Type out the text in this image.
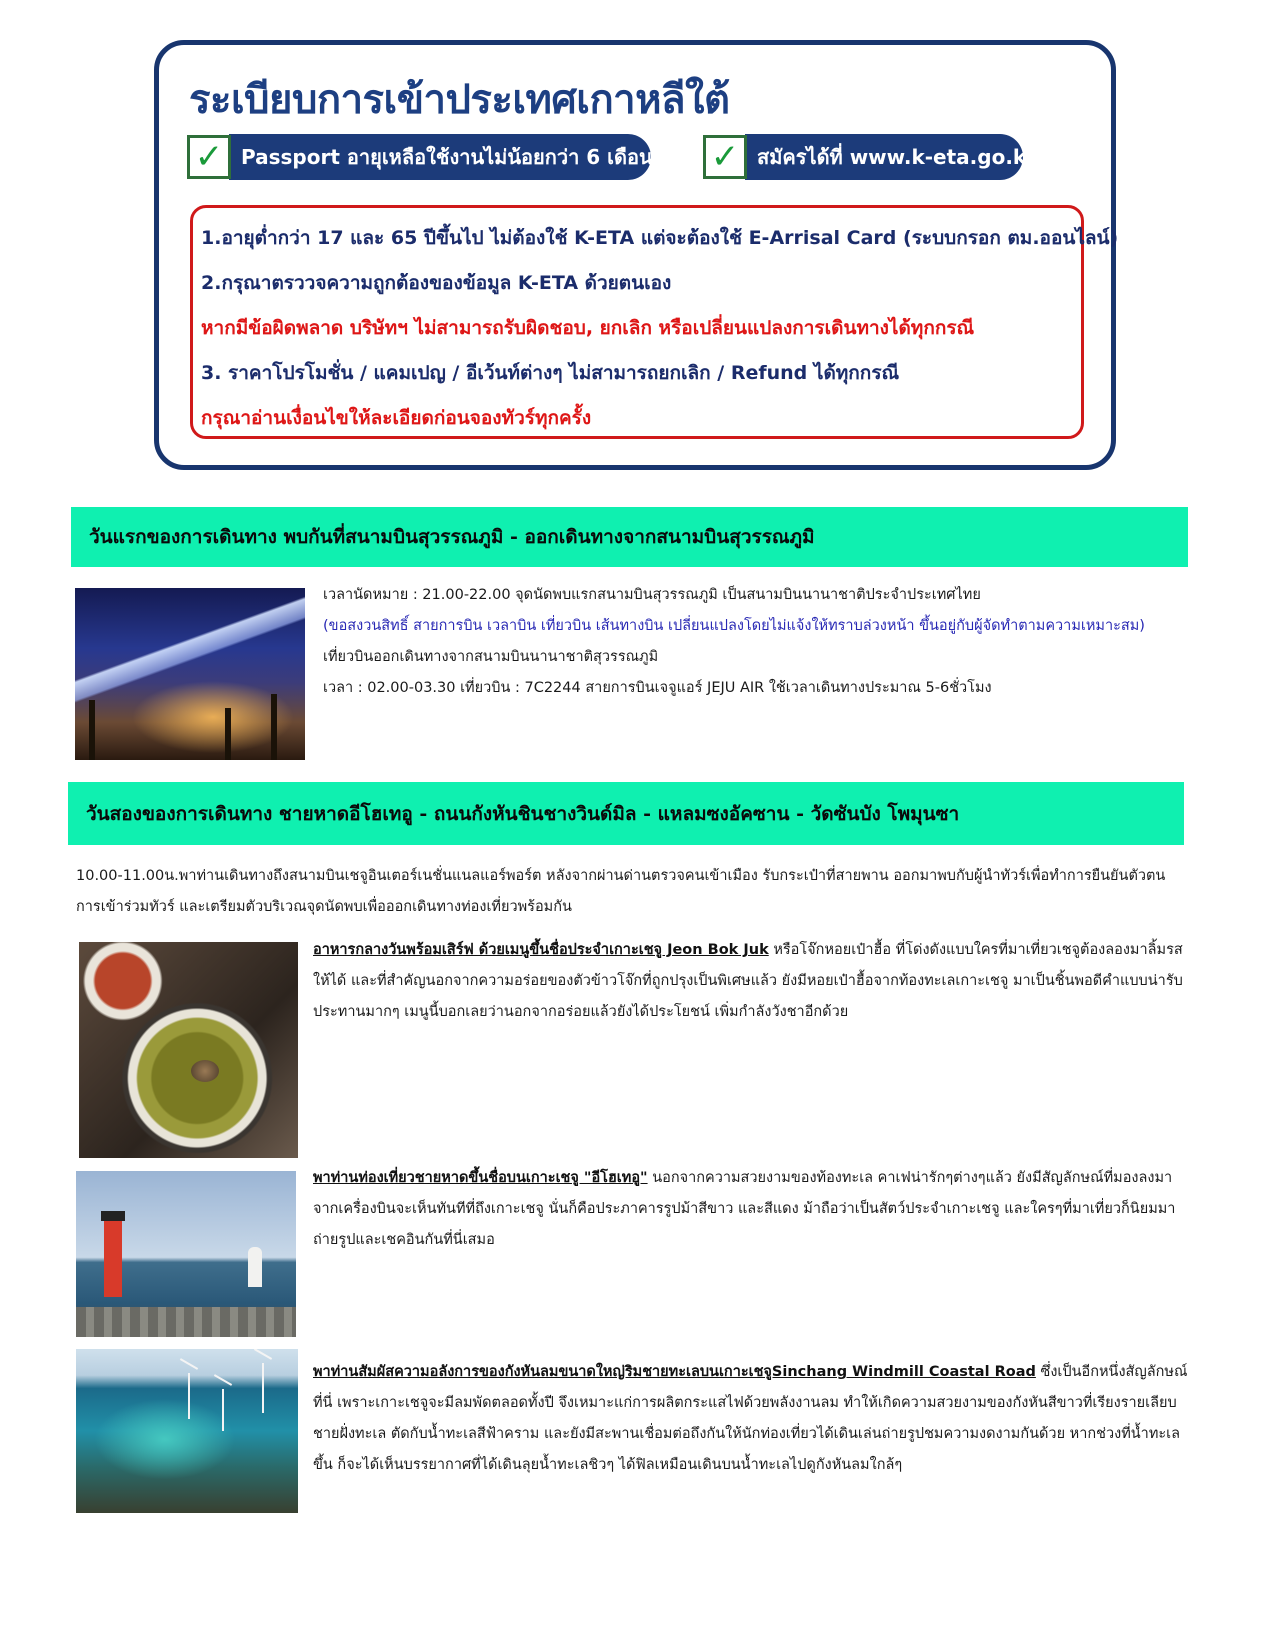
ระเบียบการเข้าประเทศเกาหลีใต้
✓ Passport อายุเหลือใช้งานไม่น้อยกว่า 6 เดือน ✓ สมัครได้ที่ www.k-eta.go.kr
1.อายุต่ำกว่า 17 และ 65 ปีขึ้นไป ไม่ต้องใช้ K-ETA แต่จะต้องใช้ E-Arrisal Card (ระบบกรอก ตม.ออนไลน์)
2.กรุณาตรววจความถูกต้องของข้อมูล K-ETA ด้วยตนเอง
หากมีข้อผิดพลาด บริษัทฯ ไม่สามารถรับผิดชอบ, ยกเลิก หรือเปลี่ยนแปลงการเดินทางได้ทุกกรณี
3. ราคาโปรโมชั่น / แคมเปญ / อีเว้นท์ต่างๆ ไม่สามารถยกเลิก / Refund ได้ทุกกรณี
กรุณาอ่านเงื่อนไขให้ละเอียดก่อนจองทัวร์ทุกครั้ง
วันแรกของการเดินทาง พบกันที่สนามบินสุวรรณภูมิ - ออกเดินทางจากสนามบินสุวรรณภูมิ

เวลานัดหมาย : 21.00-22.00 จุดนัดพบแรกสนามบินสุวรรณภูมิ เป็นสนามบินนานาชาติประจำประเทศไทย

(ขอสงวนสิทธิ์ สายการบิน เวลาบิน เที่ยวบิน เส้นทางบิน เปลี่ยนแปลงโดยไม่แจ้งให้ทราบล่วงหน้า ขึ้นอยู่กับผู้จัดทำตามความเหมาะสม)

เที่ยวบินออกเดินทางจากสนามบินนานาชาติสุวรรณภูมิ

เวลา : 02.00-03.30 เที่ยวบิน : 7C2244 สายการบินเจจูแอร์ JEJU AIR ใช้เวลาเดินทางประมาณ 5-6ชั่วโมง

วันสองของการเดินทาง ชายหาดอีโฮเทอู - ถนนกังหันชินชางวินด์มิล - แหลมซงอัคซาน - วัดซันบัง โพมุนซา
10.00-11.00น.พาท่านเดินทางถึงสนามบินเชจูอินเตอร์เนชั่นแนลแอร์พอร์ต หลังจากผ่านด่านตรวจคนเข้าเมือง รับกระเป๋าที่สายพาน ออกมาพบกับผู้นำทัวร์เพื่อทำการยืนยันตัวตนการเข้าร่วมทัวร์ และเตรียมตัวบริเวณจุดนัดพบเพื่อออกเดินทางท่องเที่ยวพร้อมกัน
อาหารกลางวันพร้อมเสิร์ฟ ด้วยเมนูขึ้นชื่อประจำเกาะเชจู Jeon Bok Juk หรือโจ๊กหอยเป๋าฮื้อ ที่โด่งดังแบบใครที่มาเที่ยวเชจูต้องลองมาลิ้มรสให้ได้ และที่สำคัญนอกจากความอร่อยของตัวข้าวโจ๊กที่ถูกปรุงเป็นพิเศษแล้ว ยังมีหอยเป๋าฮื้อจากท้องทะเลเกาะเชจู มาเป็นชิ้นพอดีคำแบบน่ารับประทานมากๆ เมนูนี้บอกเลยว่านอกจากอร่อยแล้วยังได้ประโยชน์ เพิ่มกำลังวังชาอีกด้วย
พาท่านท่องเที่ยวชายหาดขึ้นชื่อบนเกาะเชจู "อีโฮเทอู" นอกจากความสวยงามของท้องทะเล คาเฟน่ารักๆต่างๆแล้ว ยังมีสัญลักษณ์ที่มองลงมาจากเครื่องบินจะเห็นทันทีที่ถึงเกาะเชจู นั่นก็คือประภาคารรูปม้าสีขาว และสีแดง ม้าถือว่าเป็นสัตว์ประจำเกาะเชจู และใครๆที่มาเที่ยวก็นิยมมาถ่ายรูปและเชคอินกันที่นี่เสมอ
พาท่านสัมผัสความอลังการของกังหันลมขนาดใหญ่ริมชายทะเลบนเกาะเชจูSinchang Windmill Coastal Road ซึ่งเป็นอีกหนึ่งสัญลักษณ์ที่นี่ เพราะเกาะเชจูจะมีลมพัดตลอดทั้งปี จึงเหมาะแก่การผลิตกระแสไฟด้วยพลังงานลม ทำให้เกิดความสวยงามของกังหันสีขาวที่เรียงรายเลียบชายฝั่งทะเล ตัดกับน้ำทะเลสีฟ้าคราม และยังมีสะพานเชื่อมต่อถึงกันให้นักท่องเที่ยวได้เดินเล่นถ่ายรูปชมความงดงามกันด้วย หากช่วงที่น้ำทะเลขึ้น ก็จะได้เห็นบรรยากาศที่ได้เดินลุยน้ำทะเลชิวๆ ได้ฟิลเหมือนเดินบนน้ำทะเลไปดูกังหันลมใกล้ๆ
